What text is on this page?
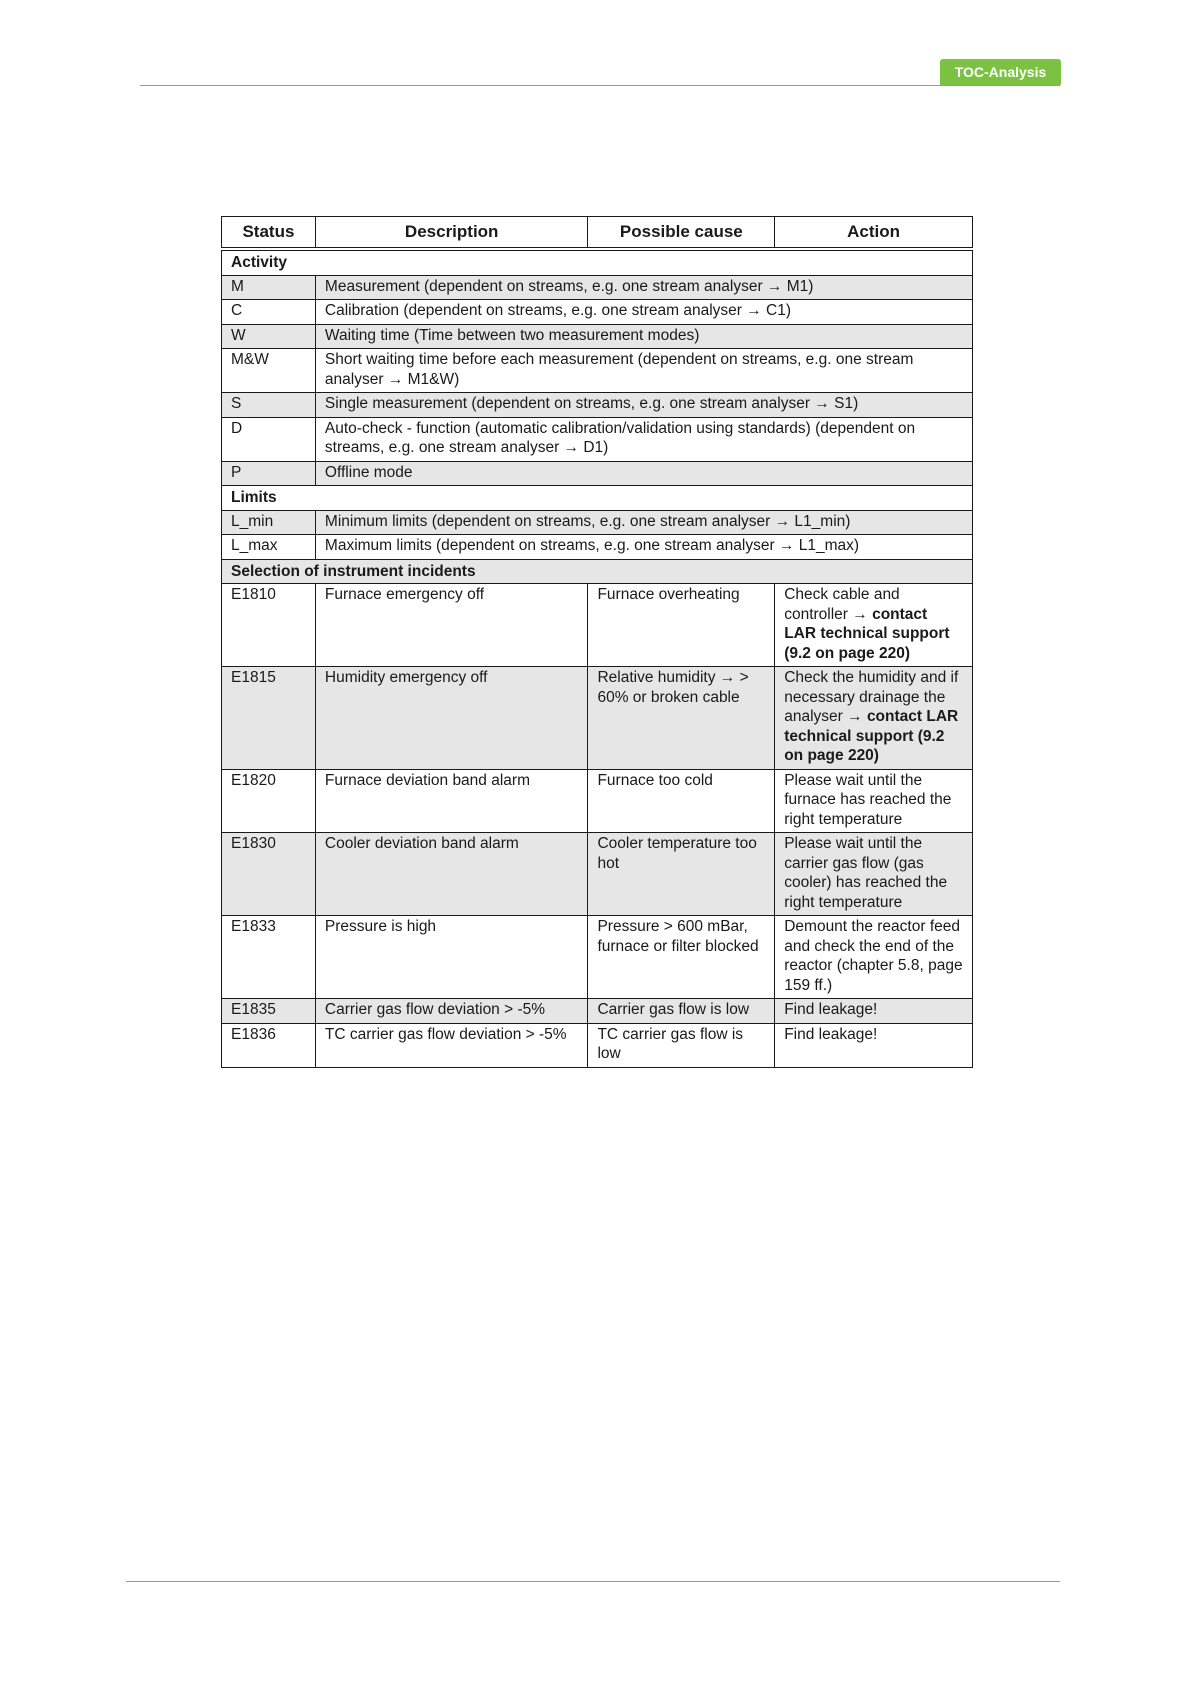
TOC-Analysis
Status	Description	Possible cause	Action
Activity			
M	Measurement (dependent on streams, e.g. one stream analyser → M1)		
C	Calibration (dependent on streams, e.g. one stream analyser → C1)		
W	Waiting time (Time between two measurement modes)		
M&W	Short waiting time before each measurement (dependent on streams, e.g. one stream analyser → M1&W)		
S	Single measurement (dependent on streams, e.g. one stream analyser → S1)		
D	Auto-check - function (automatic calibration/validation using standards) (dependent on streams, e.g. one stream analyser → D1)		
P	Offline mode		
Limits			
L_min	Minimum limits (dependent on streams, e.g. one stream analyser → L1_min)		
L_max	Maximum limits (dependent on streams, e.g. one stream analyser → L1_max)		
Selection of instrument incidents			
E1810	Furnace emergency off	Furnace overheating	Check cable and controller → contact LAR technical support (9.2 on page 220)
E1815	Humidity emergency off	Relative humidity → > 60% or broken cable	Check the humidity and if necessary drainage the analyser → contact LAR technical support (9.2 on page 220)
E1820	Furnace deviation band alarm	Furnace too cold	Please wait until the furnace has reached the right temperature
E1830	Cooler deviation band alarm	Cooler temperature too hot	Please wait until the carrier gas flow (gas cooler) has reached the right temperature
E1833	Pressure is high	Pressure > 600 mBar, furnace or filter blocked	Demount the reactor feed and check the end of the reactor (chapter 5.8, page 159 ff.)
E1835	Carrier gas flow deviation > -5%	Carrier gas flow is low	Find leakage!
E1836	TC carrier gas flow deviation > -5%	TC carrier gas flow is low	Find leakage!
